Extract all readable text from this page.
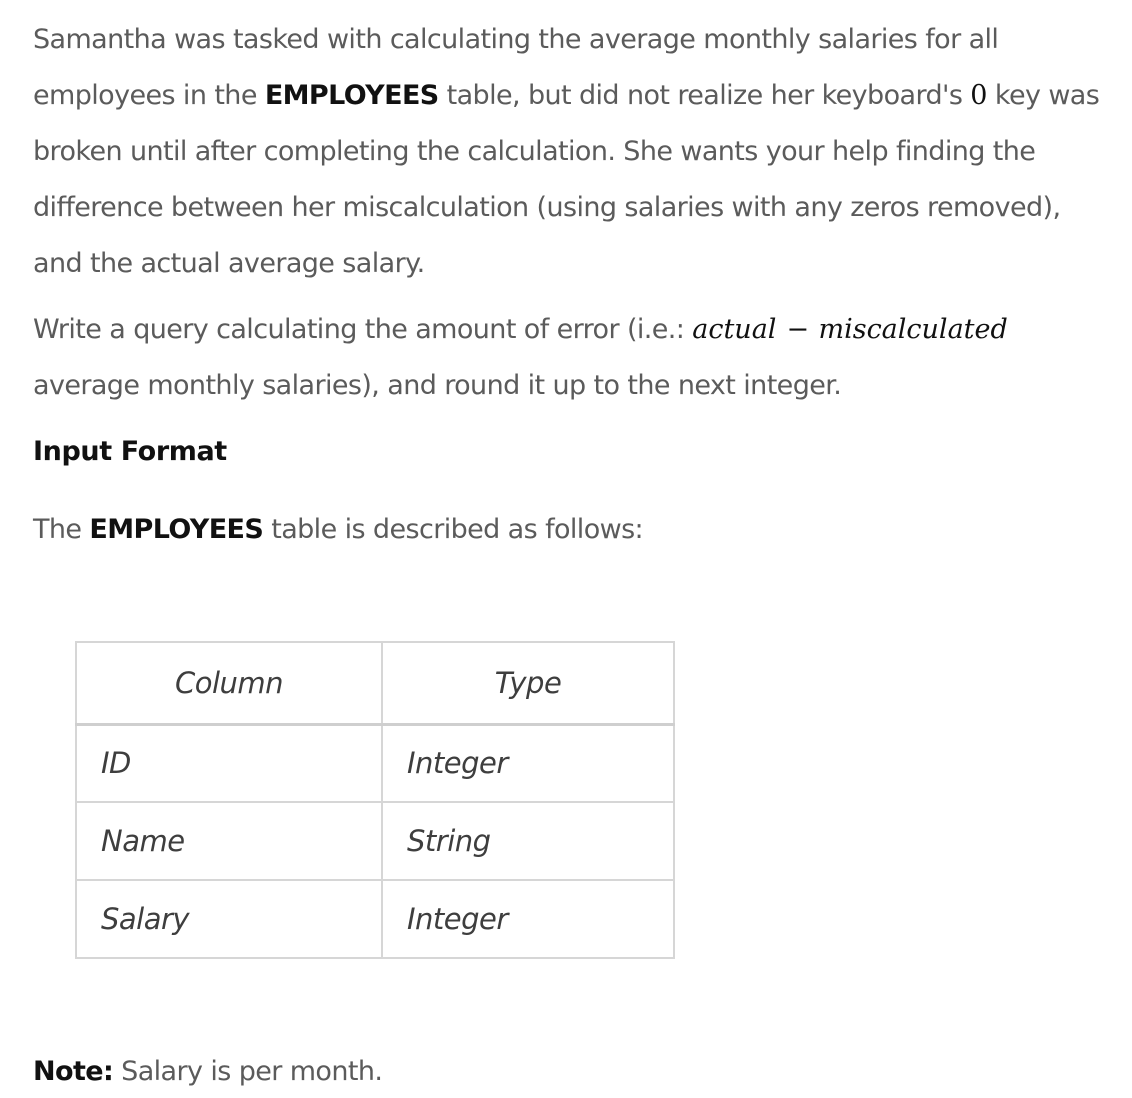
Samantha was tasked with calculating the average monthly salaries for all employees in the EMPLOYEES table, but did not realize her keyboard's 0 key was broken until after completing the calculation. She wants your help finding the difference between her miscalculation (using salaries with any zeros removed), and the actual average salary.

Write a query calculating the amount of error (i.e.: actual − miscalculated average monthly salaries), and round it up to the next integer.

Input Format

The EMPLOYEES table is described as follows:

Note: Salary is per month.

Column	Type
ID	Integer
Name	String
Salary	Integer
